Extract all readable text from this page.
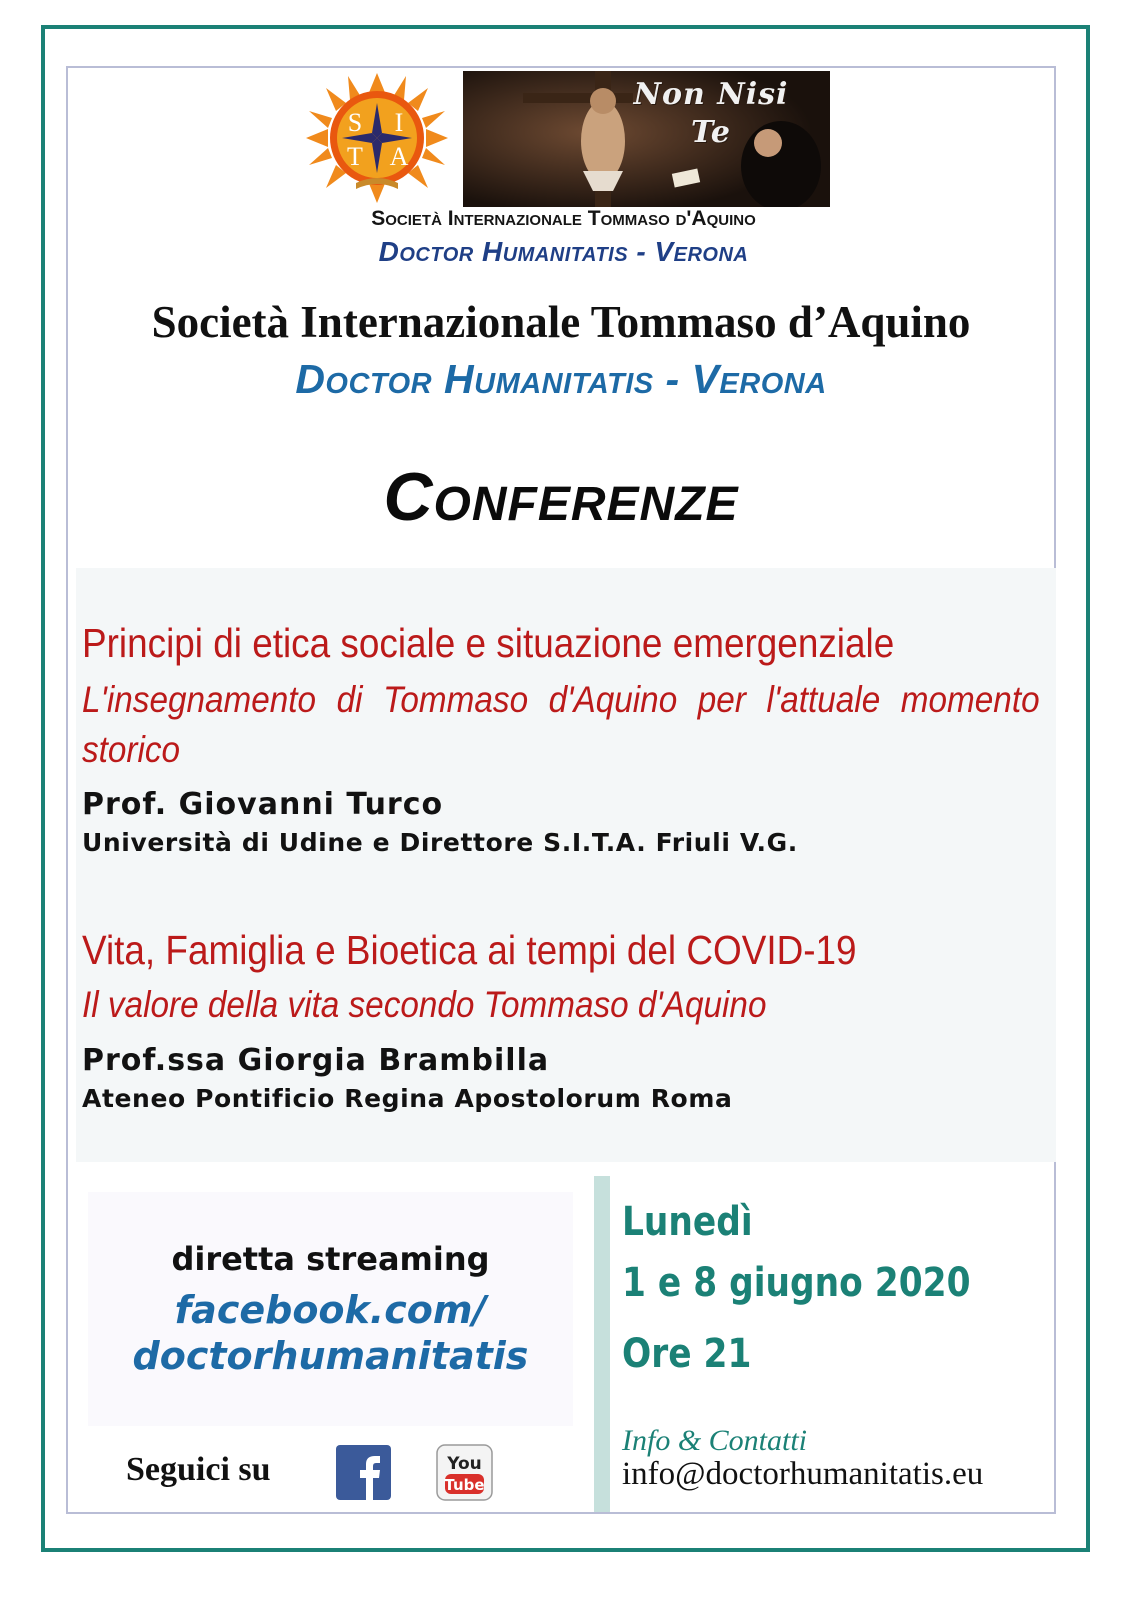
S I
T A
Non Nisi
Te
Società Internazionale Tommaso d'Aquino
Doctor Humanitatis - Verona
Società Internazionale Tommaso d’Aquino
Doctor Humanitatis - Verona
Conferenze
Principi di etica sociale e situazione emergenziale
L'insegnamento di Tommaso d'Aquino per l'attuale momento storico
Prof. Giovanni Turco
Università di Udine e Direttore S.I.T.A. Friuli V.G.
Vita, Famiglia e Bioetica ai tempi del COVID-19
Il valore della vita secondo Tommaso d'Aquino
Prof.ssa Giorgia Brambilla
Ateneo Pontificio Regina Apostolorum Roma
diretta streaming
facebook.com/
doctorhumanitatis
Lunedì
1 e 8 giugno 2020
Ore 21
Info & Contatti
info@doctorhumanitatis.eu
Seguici su	You
Tube
